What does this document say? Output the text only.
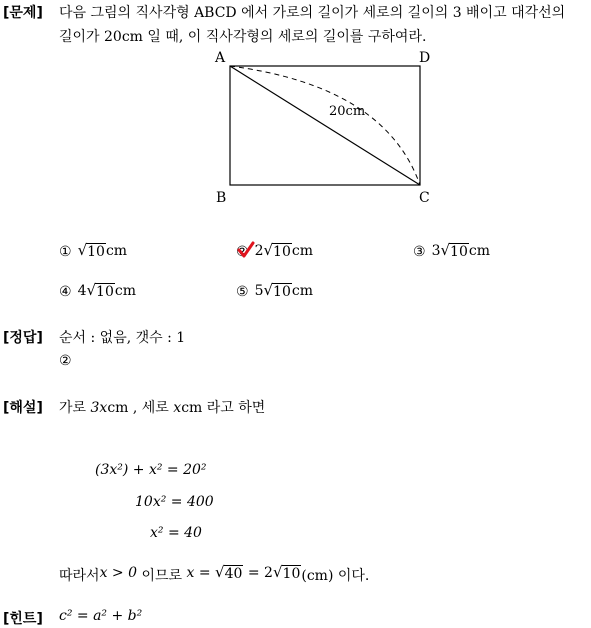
[문제] 다음 그림의 직사각형 ABCD 에서 가로의 길이가 세로의 길이의 3 배이고 대각선의
길이가 20cm 일 때, 이 직사각형의 세로의 길이를 구하여라.
A	D
B	C
20cm
① √ 10 cm	② 2 √ 10 cm	③ 3 √ 10 cm
④ 4 √ 10 cm	⑤ 5 √ 10 cm
[정답] 순서 : 없음, 갯수 : 1
②
[해설] 가로 3xcm , 세로 xcm 라고 하면
(3x²) + x² = 20²
10x² = 400
x² = 40
따라서 x > 0 이므로 x = √ 40 = 2 √ 10 (cm) 이다.
[힌트] c² = a² + b²
